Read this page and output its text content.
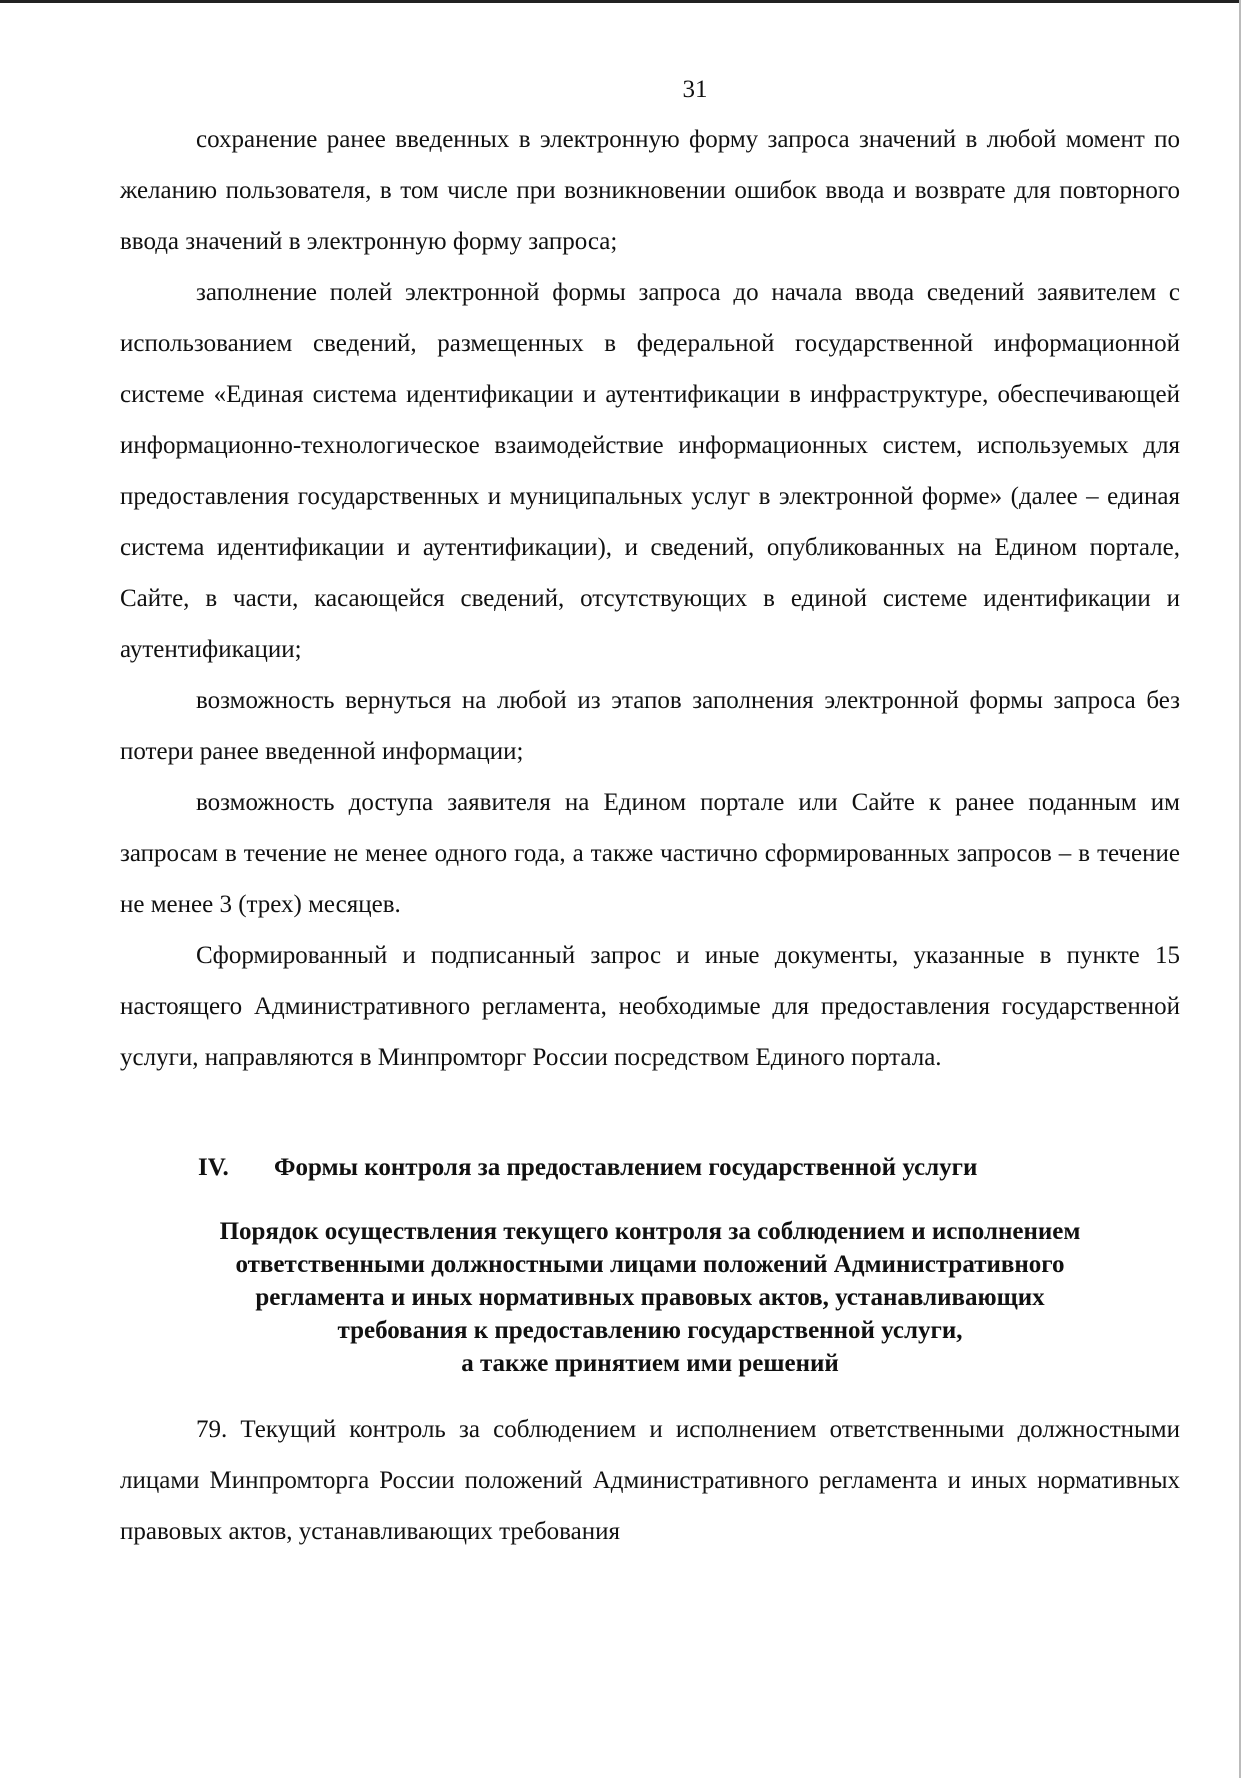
31

сохранение ранее введенных в электронную форму запроса значений в любой момент по желанию пользователя, в том числе при возникновении ошибок ввода и возврате для повторного ввода значений в электронную форму запроса;

заполнение полей электронной формы запроса до начала ввода сведений заявителем с использованием сведений, размещенных в федеральной государственной информационной системе «Единая система идентификации и аутентификации в инфраструктуре, обеспечивающей информационно-технологическое взаимодействие информационных систем, используемых для предоставления государственных и муниципальных услуг в электронной форме» (далее – единая система идентификации и аутентификации), и сведений, опубликованных на Едином портале, Сайте, в части, касающейся сведений, отсутствующих в единой системе идентификации и аутентификации;

возможность вернуться на любой из этапов заполнения электронной формы запроса без потери ранее введенной информации;

возможность доступа заявителя на Едином портале или Сайте к ранее поданным им запросам в течение не менее одного года, а также частично сформированных запросов – в течение не менее 3 (трех) месяцев.

Сформированный и подписанный запрос и иные документы, указанные в пункте 15 настоящего Административного регламента, необходимые для предоставления государственной услуги, направляются в Минпромторг России посредством Единого портала.

IV. Формы контроля за предоставлением государственной услуги
Порядок осуществления текущего контроля за соблюдением и исполнением
ответственными должностными лицами положений Административного
регламента и иных нормативных правовых актов, устанавливающих
требования к предоставлению государственной услуги,
а также принятием ими решений

79. Текущий контроль за соблюдением и исполнением ответственными должностными лицами Минпромторга России положений Административного регламента и иных нормативных правовых актов, устанавливающих требования
